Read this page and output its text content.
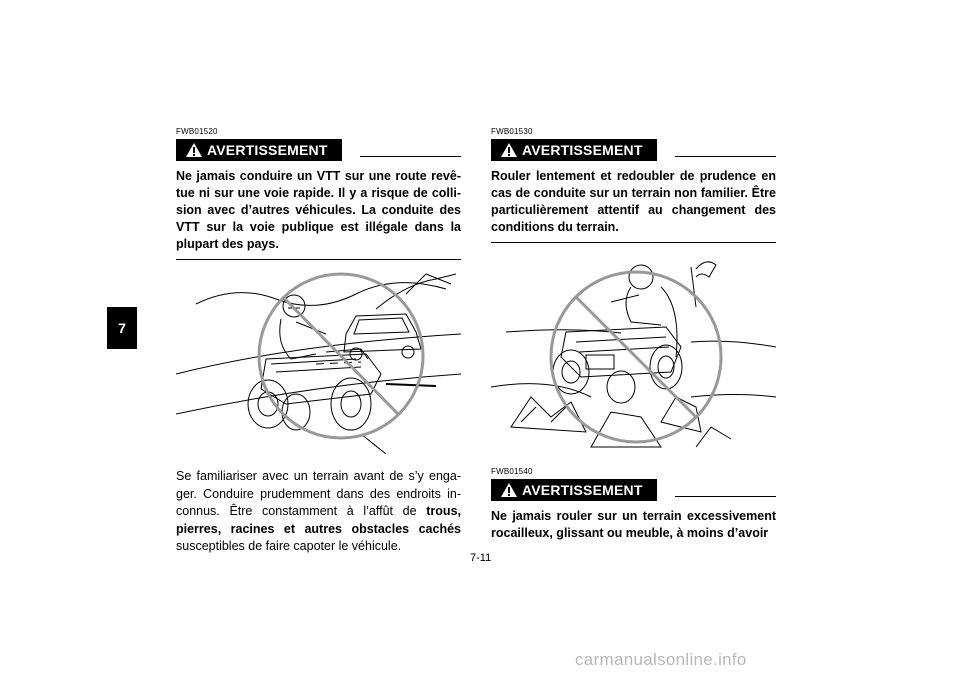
7
FWB01520
AVERTISSEMENT

Ne jamais conduire un VTT sur une route revê-tue ni sur une voie rapide. Il y a risque de colli-sion avec d’autres véhicules. La conduite des VTT sur la voie publique est illégale dans la plupart des pays.

Se familiariser avec un terrain avant de s’y enga-ger. Conduire prudemment dans des endroits in-connus. Être constamment à l’affût de trous, pierres, racines et autres obstacles cachés susceptibles de faire capoter le véhicule.

FWB01530
AVERTISSEMENT

Rouler lentement et redoubler de prudence en cas de conduite sur un terrain non familier. Être particulièrement attentif au changement des conditions du terrain.

FWB01540
AVERTISSEMENT

Ne jamais rouler sur un terrain excessivement rocailleux, glissant ou meuble, à moins d’avoir

7-11
carmanualsonline.info
